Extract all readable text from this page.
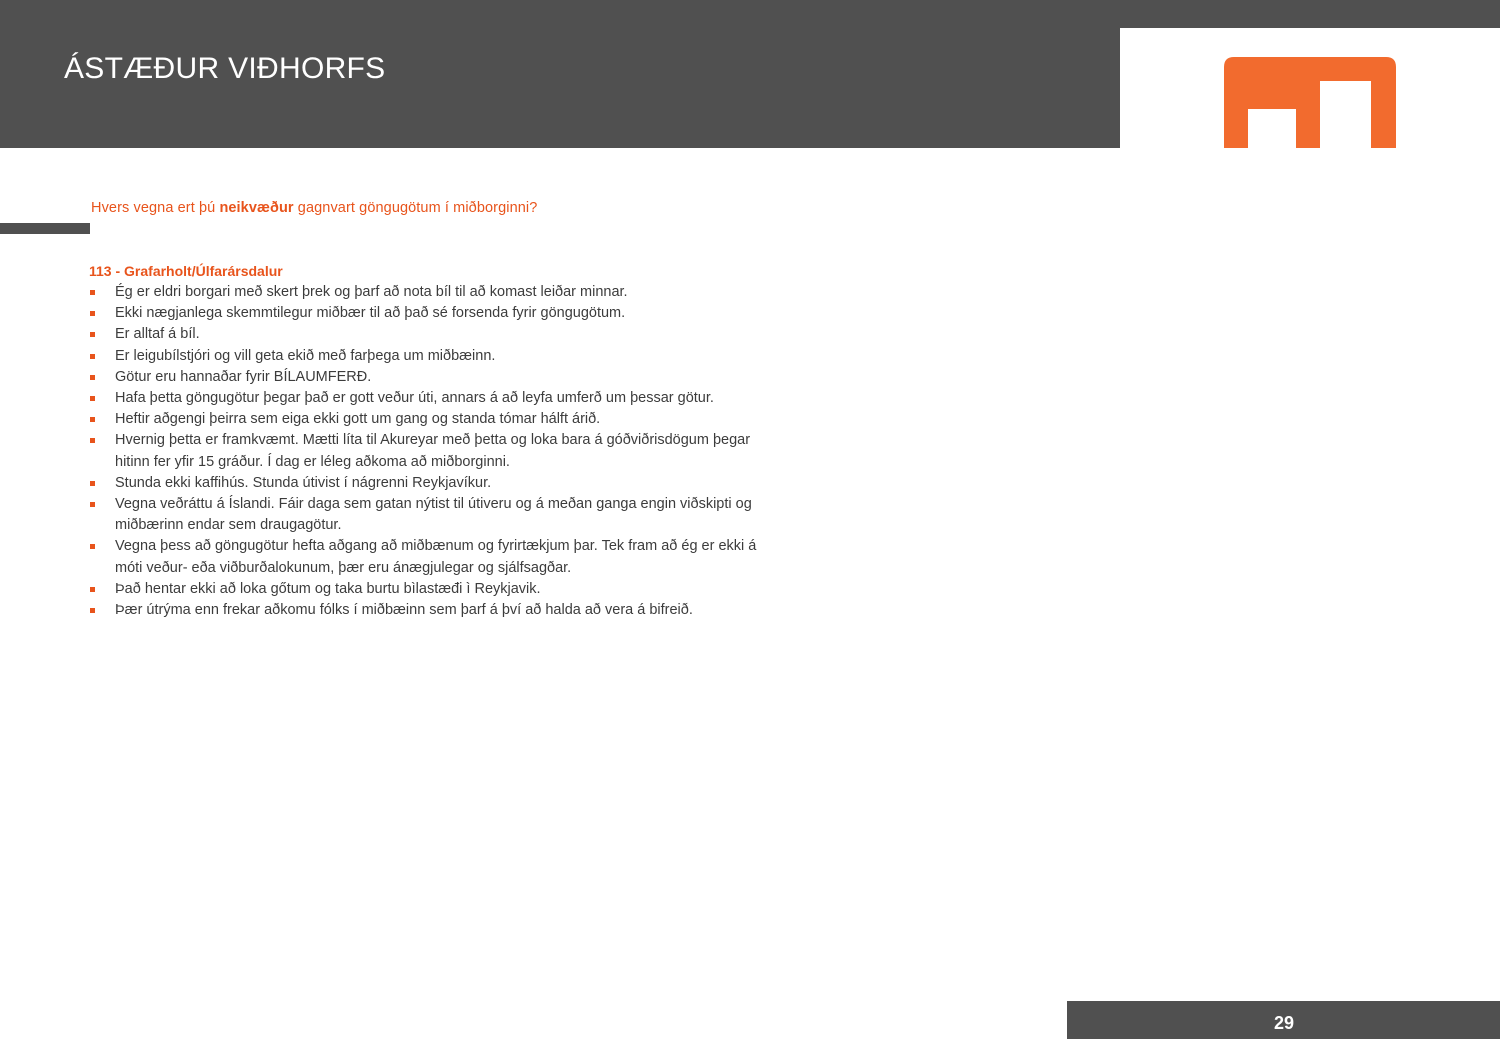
ÁSTÆÐUR VIÐHORFS
Hvers vegna ert þú neikvæður gagnvart göngugötum í miðborginni?
113 - Grafarholt/Úlfarársdalur
Ég er eldri borgari með skert þrek og þarf að nota bíl til að komast leiðar minnar.
Ekki nægjanlega skemmtilegur miðbær til að það sé forsenda fyrir göngugötum.
Er alltaf á bíl.
Er leigubílstjóri og vill geta ekið með farþega um miðbæinn.
Götur eru hannaðar fyrir BÍLAUMFERÐ.
Hafa þetta göngugötur þegar það er gott veður úti, annars á að leyfa umferð um þessar götur.
Heftir aðgengi þeirra sem eiga ekki gott um gang og standa tómar hálft árið.
Hvernig þetta er framkvæmt. Mætti líta til Akureyar með þetta og loka bara á góðviðrisdögum þegar hitinn fer yfir 15 gráður. Í dag er léleg aðkoma að miðborginni.
Stunda ekki kaffihús. Stunda útivist í nágrenni Reykjavíkur.
Vegna veðráttu á Íslandi. Fáir daga sem gatan nýtist til útiveru og á meðan ganga engin viðskipti og miðbærinn endar sem draugagötur.
Vegna þess að göngugötur hefta aðgang að miðbænum og fyrirtækjum þar. Tek fram að ég er ekki á móti veður- eða viðburðalokunum, þær eru ánægjulegar og sjálfsagðar.
Það hentar ekki að loka gőtum og taka burtu bìlastæđi ì Reykjavik.
Þær útrýma enn frekar aðkomu fólks í miðbæinn sem þarf á því að halda að vera á bifreið.
29
